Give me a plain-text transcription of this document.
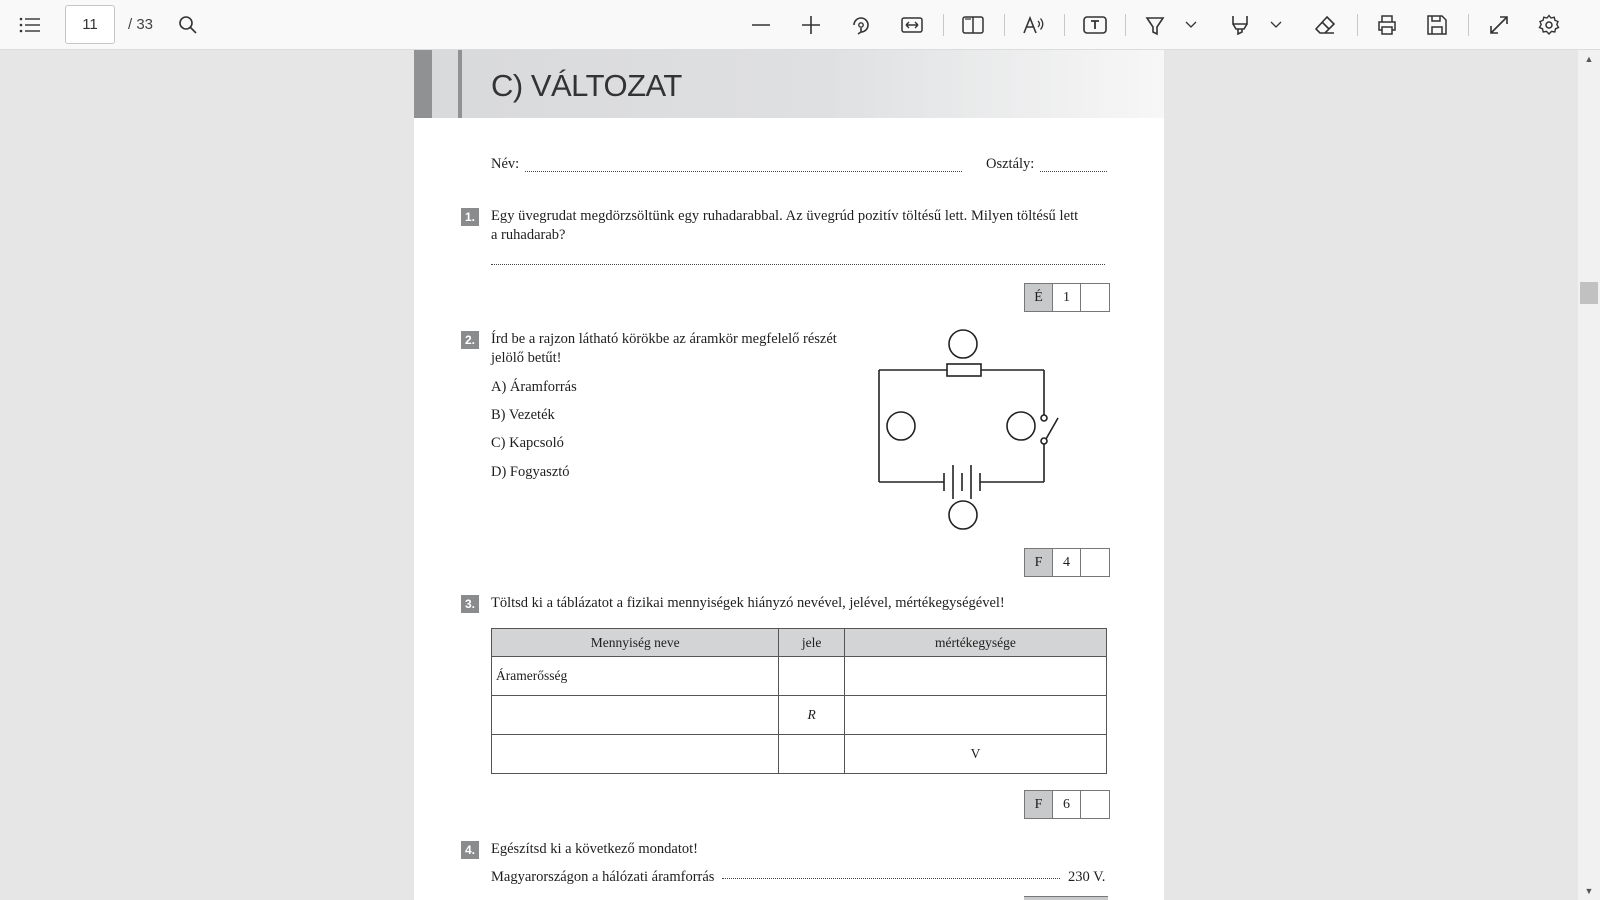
11
/ 33
▲
▼
C) VÁLTOZAT
Név:	Osztály:
1. Egy üvegrudat megdörzsöltünk egy ruhadarabbal. Az üvegrúd pozitív töltésű lett. Milyen töltésű lett
a ruhadarab?
É	1
2. Írd be a rajzon látható körökbe az áramkör megfelelő részét
jelölő betűt!
A) Áramforrás
B) Vezeték
C) Kapcsoló
D) Fogyasztó
F	4
3. Töltsd ki a táblázatot a fizikai mennyiségek hiányzó nevével, jelével, mértékegységével!
Mennyiség neve	jele	mértékegysége
Áramerősség		
	R	
		V
F	6
4. Egészítsd ki a következő mondatot!
Magyarországon a hálózati áramforrás	230 V.
